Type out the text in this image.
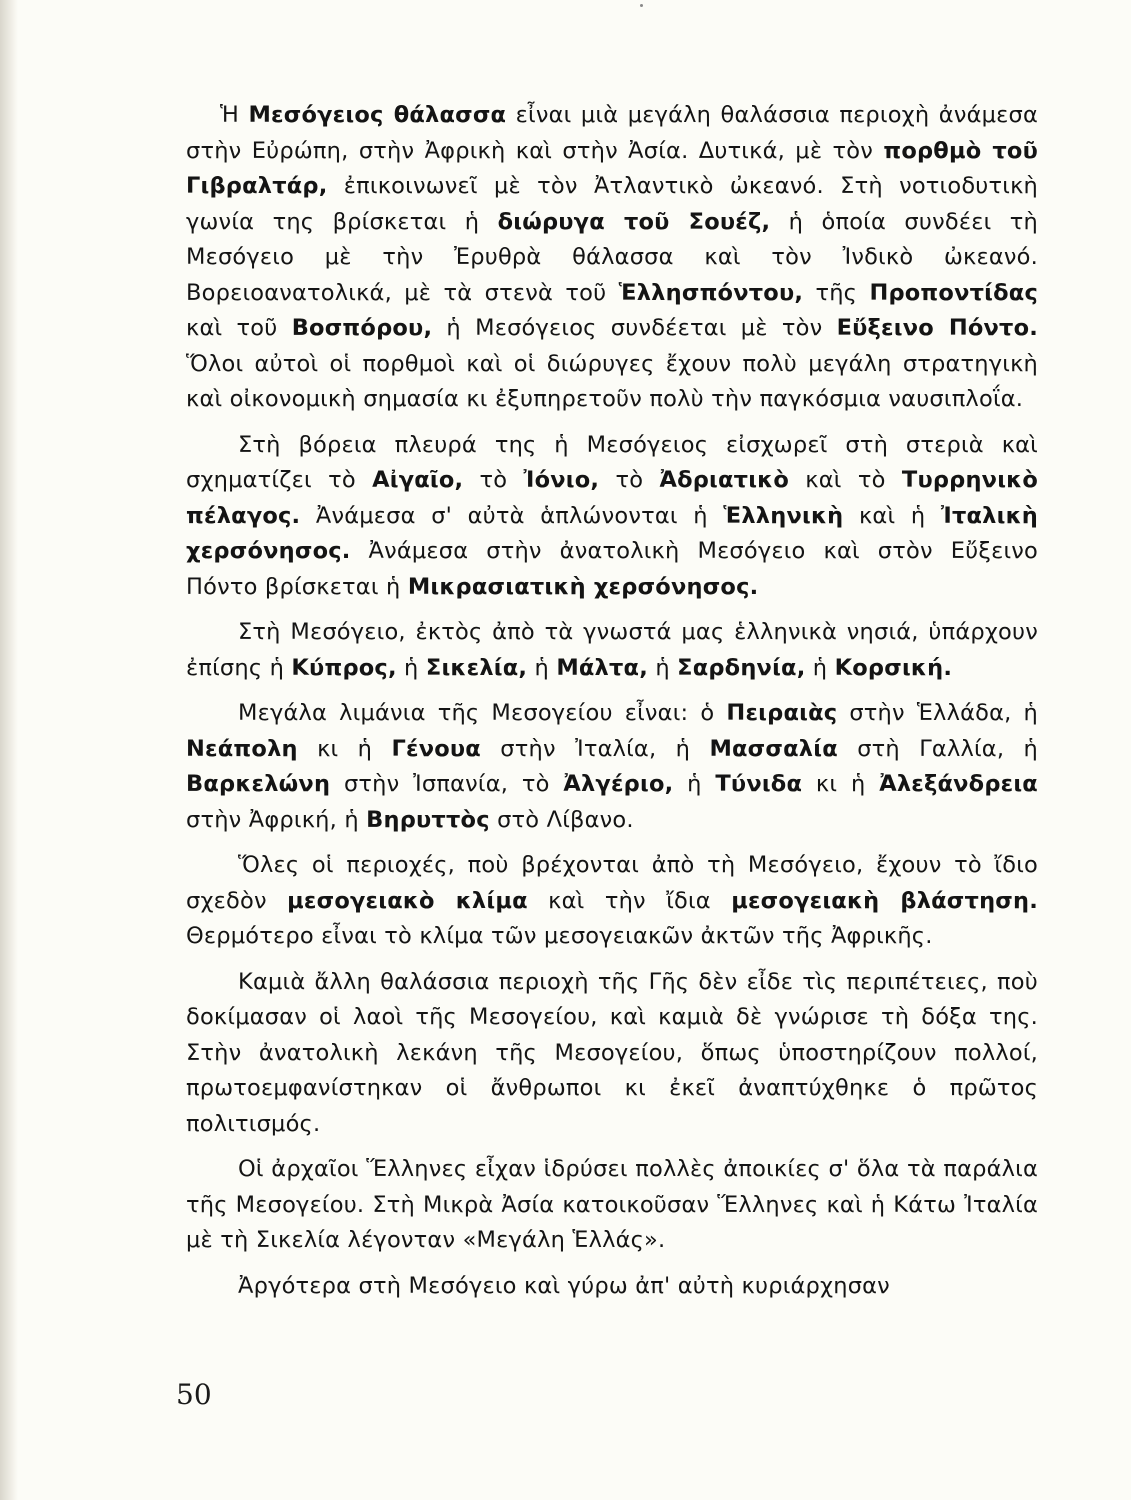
Ἡ Μεσόγειος θάλασσα εἶναι μιὰ μεγάλη θαλάσσια περιοχὴ ἀνάμεσα στὴν Εὐρώπη, στὴν Ἀφρικὴ καὶ στὴν Ἀσία. Δυτικά, μὲ τὸν πορθμὸ τοῦ Γιβραλτάρ, ἐπικοινωνεῖ μὲ τὸν Ἀτλαντικὸ ὠκεανό. Στὴ νοτιοδυτικὴ γωνία της βρίσκεται ἡ διώρυγα τοῦ Σουέζ, ἡ ὁποία συνδέει τὴ Μεσόγειο μὲ τὴν Ἐρυθρὰ θάλασσα καὶ τὸν Ἰνδικὸ ὠκεανό. Βορειοανατολικά, μὲ τὰ στενὰ τοῦ Ἑλλησπόντου, τῆς Προποντίδας καὶ τοῦ Βοσπόρου, ἡ Μεσόγειος συνδέεται μὲ τὸν Εὔξεινο Πόντο. Ὅλοι αὐτοὶ οἱ πορθμοὶ καὶ οἱ διώρυγες ἔχουν πολὺ μεγάλη στρατηγικὴ καὶ οἰκονομικὴ σημασία κι ἐξυπηρετοῦν πολὺ τὴν παγκόσμια ναυσιπλοΐα.

Στὴ βόρεια πλευρά της ἡ Μεσόγειος εἰσχωρεῖ στὴ στεριὰ καὶ σχηματίζει τὸ Αἰγαῖο, τὸ Ἰόνιο, τὸ Ἀδριατικὸ καὶ τὸ Τυρρηνικὸ πέλαγος. Ἀνάμεσα σ' αὐτὰ ἁπλώνονται ἡ Ἑλληνικὴ καὶ ἡ Ἰταλικὴ χερσόνησος. Ἀνάμεσα στὴν ἀνατολικὴ Μεσόγειο καὶ στὸν Εὔξεινο Πόντο βρίσκεται ἡ Μικρασιατικὴ χερσόνησος.

Στὴ Μεσόγειο, ἐκτὸς ἀπὸ τὰ γνωστά μας ἑλληνικὰ νησιά, ὑπάρχουν ἐπίσης ἡ Κύπρος, ἡ Σικελία, ἡ Μάλτα, ἡ Σαρδηνία, ἡ Κορσική.

Μεγάλα λιμάνια τῆς Μεσογείου εἶναι: ὁ Πειραιὰς στὴν Ἑλλάδα, ἡ Νεάπολη κι ἡ Γένουα στὴν Ἰταλία, ἡ Μασσαλία στὴ Γαλλία, ἡ Βαρκελώνη στὴν Ἰσπανία, τὸ Ἀλγέριο, ἡ Τύνιδα κι ἡ Ἀλεξάνδρεια στὴν Ἀφρική, ἡ Βηρυττὸς στὸ Λίβανο.

Ὅλες οἱ περιοχές, ποὺ βρέχονται ἀπὸ τὴ Μεσόγειο, ἔχουν τὸ ἴδιο σχεδὸν μεσογειακὸ κλίμα καὶ τὴν ἴδια μεσογειακὴ βλάστηση. Θερμότερο εἶναι τὸ κλίμα τῶν μεσογειακῶν ἀκτῶν τῆς Ἀφρικῆς.

Καμιὰ ἄλλη θαλάσσια περιοχὴ τῆς Γῆς δὲν εἶδε τὶς περιπέτειες, ποὺ δοκίμασαν οἱ λαοὶ τῆς Μεσογείου, καὶ καμιὰ δὲ γνώρισε τὴ δόξα της. Στὴν ἀνατολικὴ λεκάνη τῆς Μεσογείου, ὅπως ὑποστηρίζουν πολλοί, πρωτοεμφανίστηκαν οἱ ἄνθρωποι κι ἐκεῖ ἀναπτύχθηκε ὁ πρῶτος πολιτισμός.

Οἱ ἀρχαῖοι Ἕλληνες εἶχαν ἱδρύσει πολλὲς ἀποικίες σ' ὅλα τὰ παράλια τῆς Μεσογείου. Στὴ Μικρὰ Ἀσία κατοικοῦσαν Ἕλληνες καὶ ἡ Κάτω Ἰταλία μὲ τὴ Σικελία λέγονταν «Μεγάλη Ἑλλάς».

Ἀργότερα στὴ Μεσόγειο καὶ γύρω ἀπ' αὐτὴ κυριάρχησαν

50
